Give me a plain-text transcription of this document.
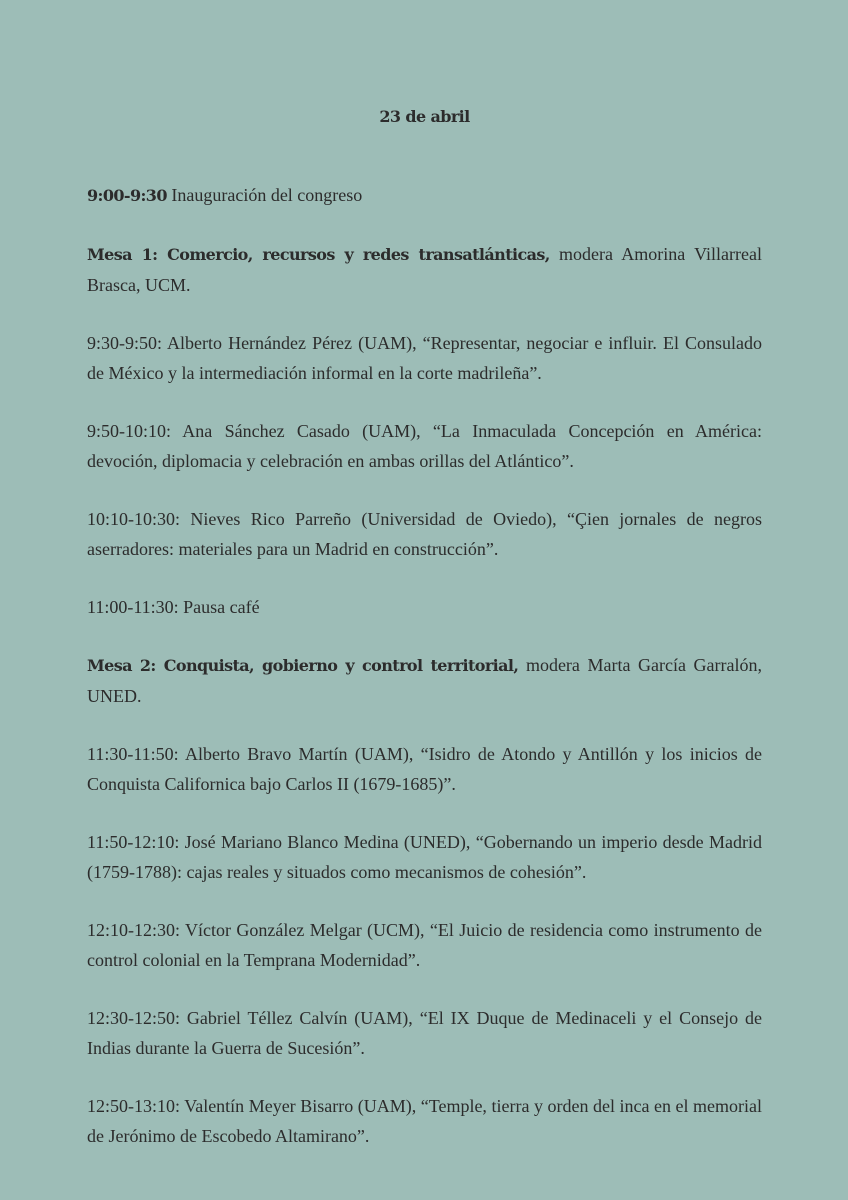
23 de abril
9:00-9:30 Inauguración del congreso
Mesa 1: Comercio, recursos y redes transatlánticas, modera Amorina Villarreal Brasca, UCM.
9:30-9:50: Alberto Hernández Pérez (UAM), “Representar, negociar e influir. El Consulado de México y la intermediación informal en la corte madrileña”.
9:50-10:10: Ana Sánchez Casado (UAM), “La Inmaculada Concepción en América: devoción, diplomacia y celebración en ambas orillas del Atlántico”.
10:10-10:30: Nieves Rico Parreño (Universidad de Oviedo), “Çien jornales de negros aserradores: materiales para un Madrid en construcción”.
11:00-11:30: Pausa café
Mesa 2: Conquista, gobierno y control territorial, modera Marta García Garralón, UNED.
11:30-11:50: Alberto Bravo Martín (UAM), “Isidro de Atondo y Antillón y los inicios de Conquista Californica bajo Carlos II (1679-1685)”.
11:50-12:10: José Mariano Blanco Medina (UNED), “Gobernando un imperio desde Madrid (1759-1788): cajas reales y situados como mecanismos de cohesión”.
12:10-12:30: Víctor González Melgar (UCM), “El Juicio de residencia como instrumento de control colonial en la Temprana Modernidad”.
12:30-12:50: Gabriel Téllez Calvín (UAM), “El IX Duque de Medinaceli y el Consejo de Indias durante la Guerra de Sucesión”.
12:50-13:10: Valentín Meyer Bisarro (UAM), “Temple, tierra y orden del inca en el memorial de Jerónimo de Escobedo Altamirano”.
